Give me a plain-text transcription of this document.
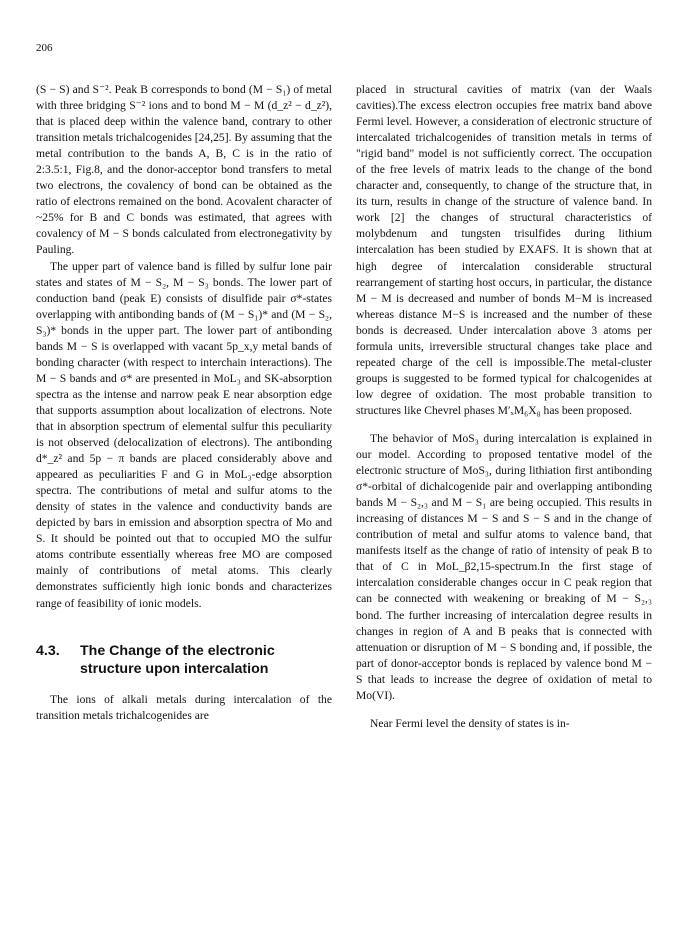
206

(S − S) and S⁻². Peak B corresponds to bond (M − S₁) of metal with three bridging S⁻² ions and to bond M − M (d_z² − d_z²), that is placed deep within the valence band, contrary to other transition metals trichalcogenides [24,25]. By assuming that the metal contribution to the bands A, B, C is in the ratio of 2:3.5:1, Fig.8, and the donor-acceptor bond transfers to metal two electrons, the covalency of bond can be obtained as the ratio of electrons remained on the bond. Acovalent character of ~25% for B and C bonds was estimated, that agrees with covalency of M − S bonds calculated from electronegativity by Pauling.

The upper part of valence band is filled by sulfur lone pair states and states of M − S₂, M − S₃ bonds. The lower part of conduction band (peak E) consists of disulfide pair σ*-states overlapping with antibonding bands of (M − S₁)* and (M − S₂, S₃)* bonds in the upper part. The lower part of antibonding bands M − S is overlapped with vacant 5p_x,y metal bands of bonding character (with respect to interchain interactions). The M − S bands and σ* are presented in MoL₃ and SK-absorption spectra as the intense and narrow peak E near absorption edge that supports assumption about localization of electrons. Note that in absorption spectrum of elemental sulfur this peculiarity is not observed (delocalization of electrons). The antibonding d*_z² and 5p − π bands are placed considerably above and appeared as peculiarities F and G in MoL₃-edge absorption spectra. The contributions of metal and sulfur atoms to the density of states in the valence and conductivity bands are depicted by bars in emission and absorption spectra of Mo and S. It should be pointed out that to occupied MO the sulfur atoms contribute essentially whereas free MO are composed mainly of contributions of metal atoms. This clearly demonstrates sufficiently high ionic bonds and characterizes range of feasibility of ionic models.

4.3. The Change of the electronic
structure upon intercalation

The ions of alkali metals during intercalation of the transition metals trichalcogenides are

placed in structural cavities of matrix (van der Waals cavities).The excess electron occupies free matrix band above Fermi level. However, a consideration of electronic structure of intercalated trichalcogenides of transition metals in terms of "rigid band" model is not sufficiently correct. The occupation of the free levels of matrix leads to the change of the bond character and, consequently, to change of the structure that, in its turn, results in change of the structure of valence band. In work [2] the changes of structural characteristics of molybdenum and tungsten trisulfides during lithium intercalation has been studied by EXAFS. It is shown that at high degree of intercalation considerable structural rearrangement of starting host occurs, in particular, the distance M − M is decreased and number of bonds M−M is increased whereas distance M−S is increased and the number of these bonds is decreased. Under intercalation above 3 atoms per formula units, irreversible structural changes take place and repeated charge of the cell is impossible.The metal-cluster groups is suggested to be formed typical for chalcogenides at low degree of oxidation. The most probable transition to structures like Chevrel phases M′ₓM₆X₈ has been proposed.

The behavior of MoS₃ during intercalation is explained in our model. According to proposed tentative model of the electronic structure of MoS₃, during lithiation first antibonding σ*-orbital of dichalcogenide pair and overlapping antibonding bands M − S₂,₃ and M − S₁ are being occupied. This results in increasing of distances M − S and S − S and in the change of contribution of metal and sulfur atoms to valence band, that manifests itself as the change of ratio of intensity of peak B to that of C in MoL_β2,15-spectrum.In the first stage of intercalation considerable changes occur in C peak region that can be connected with weakening or breaking of M − S₂,₃ bond. The further increasing of intercalation degree results in changes in region of A and B peaks that is connected with attenuation or disruption of M − S bonding and, if possible, the part of donor-acceptor bonds is replaced by valence bond M − S that leads to increase the degree of oxidation of metal to Mo(VI).

Near Fermi level the density of states is in-
